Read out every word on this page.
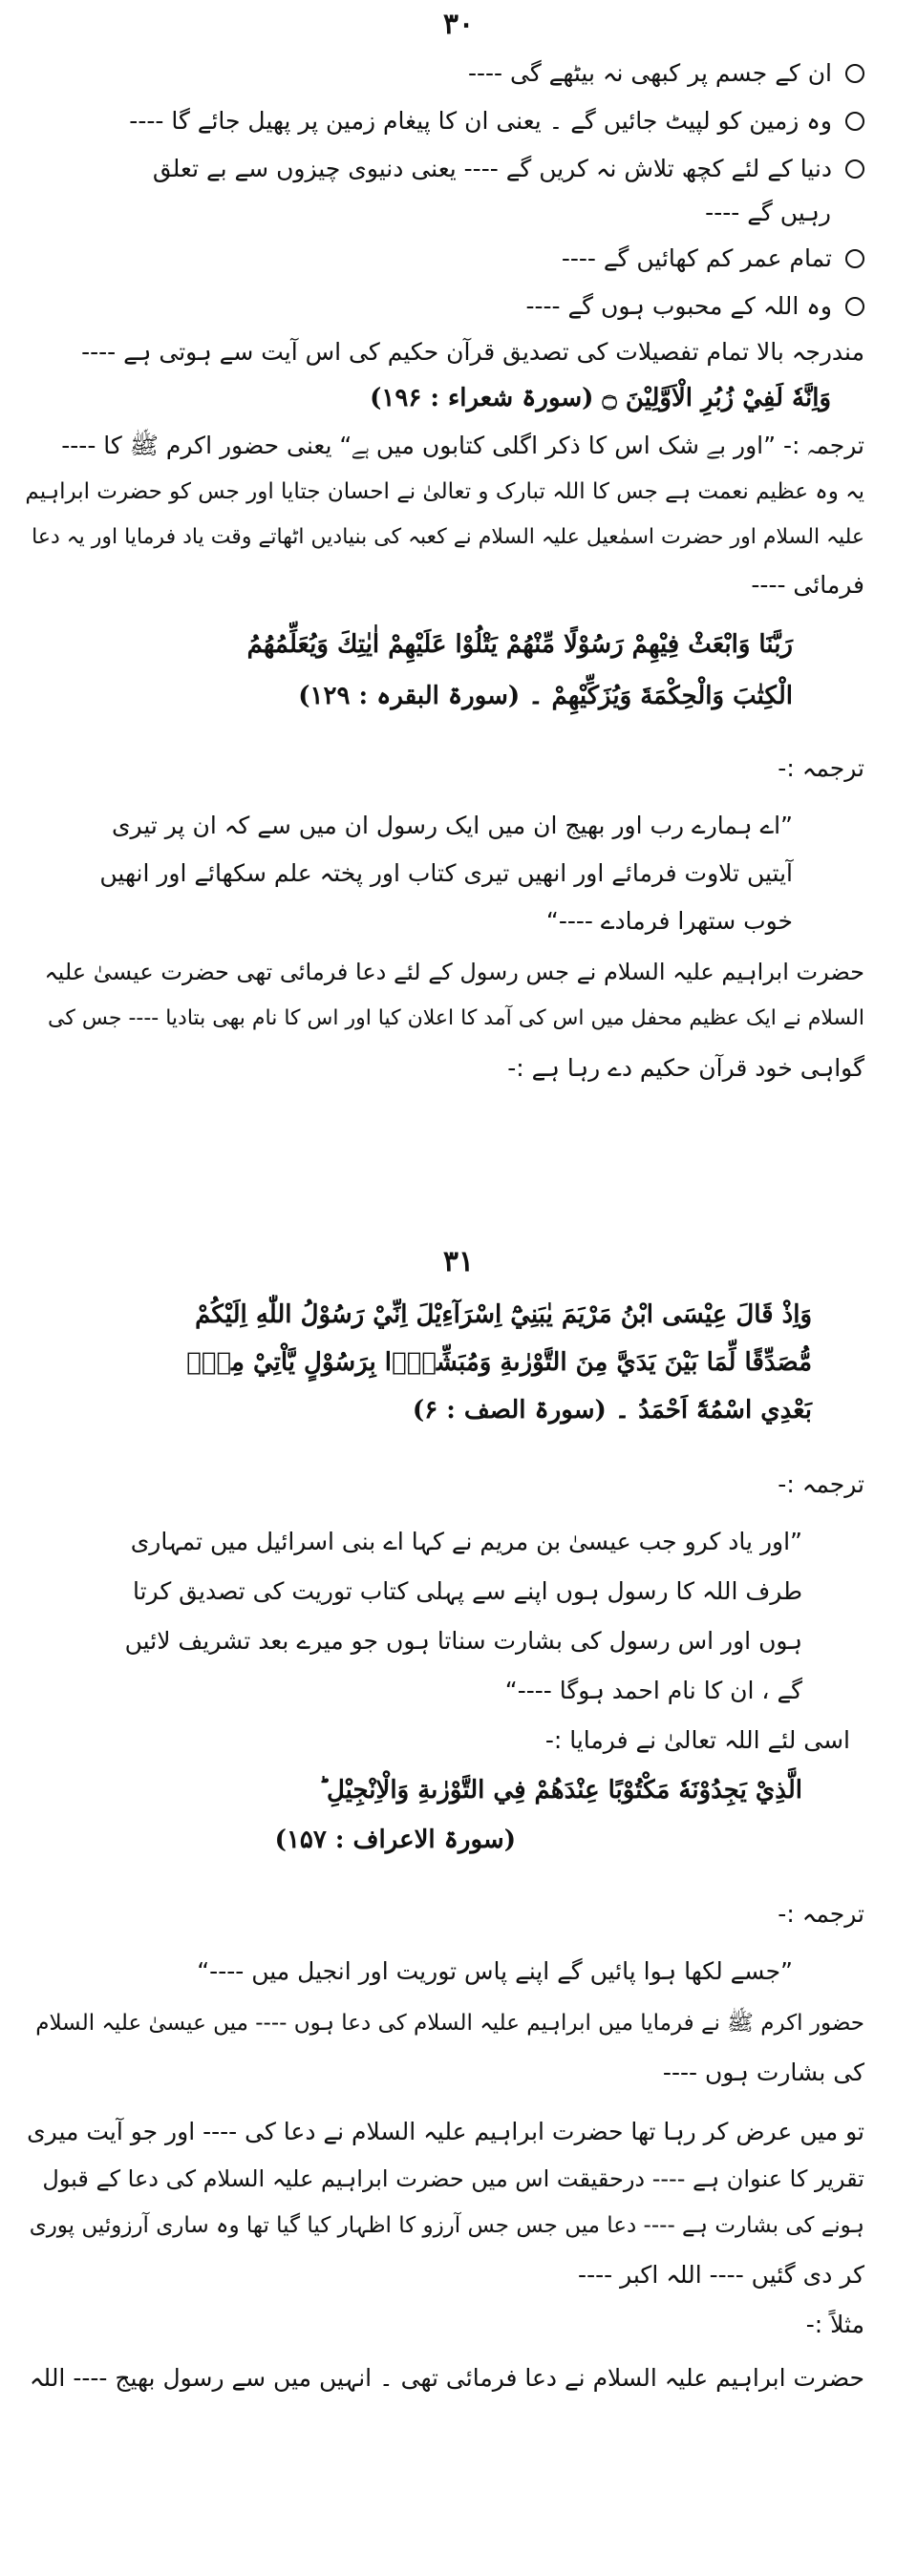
۳۰
ان کے جسم پر کبھی نہ بیٹھے گی ----
وہ زمین کو لپیٹ جائیں گے ۔ یعنی ان کا پیغام زمین پر پھیل جائے گا ----
دنیا کے لئے کچھ تلاش نہ کریں گے ---- یعنی دنیوی چیزوں سے بے تعلق
رہیں گے ----
تمام عمر کم کھائیں گے ----
وہ اللہ کے محبوب ہوں گے ----
مندرجہ بالا تمام تفصیلات کی تصدیق قرآن حکیم کی اس آیت سے ہوتی ہے ----
وَاِنَّهٗ لَفِيْ زُبُرِ الْاَوَّلِيْنَ ۝ (سورۃ شعراء : ۱۹۶)
ترجمہ :- ”اور بے شک اس کا ذکر اگلی کتابوں میں ہے“ یعنی حضور اکرم ﷺ کا ----
یہ وہ عظیم نعمت ہے جس کا اللہ تبارک و تعالیٰ نے احسان جتایا اور جس کو حضرت ابراہیم
علیہ السلام اور حضرت اسمٰعیل علیہ السلام نے کعبہ کی بنیادیں اٹھاتے وقت یاد فرمایا اور یہ دعا
فرمائی ----
رَبَّنَا وَابْعَثْ فِيْهِمْ رَسُوْلًا مِّنْهُمْ يَتْلُوْا عَلَيْهِمْ اٰيٰتِكَ وَيُعَلِّمُهُمُ
الْكِتٰبَ وَالْحِكْمَةَ وَيُزَكِّيْهِمْ ۔ (سورۃ البقرہ : ۱۲۹)
ترجمہ :-
”اے ہمارے رب اور بھیج ان میں ایک رسول ان میں سے کہ ان پر تیری
آیتیں تلاوت فرمائے اور انھیں تیری کتاب اور پختہ علم سکھائے اور انھیں
خوب ستھرا فرمادے ----“
حضرت ابراہیم علیہ السلام نے جس رسول کے لئے دعا فرمائی تھی حضرت عیسیٰ علیہ
السلام نے ایک عظیم محفل میں اس کی آمد کا اعلان کیا اور اس کا نام بھی بتادیا ---- جس کی
گواہی خود قرآن حکیم دے رہا ہے :-
۳۱
وَاِذْ قَالَ عِيْسَى ابْنُ مَرْيَمَ يٰبَنِيْٓ اِسْرَآءِيْلَ اِنِّيْ رَسُوْلُ اللّٰهِ اِلَيْكُمْ
مُّصَدِّقًا لِّمَا بَيْنَ يَدَيَّ مِنَ التَّوْرٰىةِ وَمُبَشِّرًۢا بِرَسُوْلٍ يَّاْتِيْ مِنْۢ
بَعْدِي اسْمُهٗٓ اَحْمَدُ ۔ (سورۃ الصف : ۶)
ترجمہ :-
”اور یاد کرو جب عیسیٰ بن مریم نے کہا اے بنی اسرائیل میں تمہاری
طرف اللہ کا رسول ہوں اپنے سے پہلی کتاب توریت کی تصدیق کرتا
ہوں اور اس رسول کی بشارت سناتا ہوں جو میرے بعد تشریف لائیں
گے ، ان کا نام احمد ہوگا ----“
اسی لئے اللہ تعالیٰ نے فرمایا :-
الَّذِيْ يَجِدُوْنَهٗ مَكْتُوْبًا عِنْدَهُمْ فِي التَّوْرٰىةِ وَالْاِنْجِيْلِ ؕ
(سورۃ الاعراف : ۱۵۷)
ترجمہ :-
”جسے لکھا ہوا پائیں گے اپنے پاس توریت اور انجیل میں ----“
حضور اکرم ﷺ نے فرمایا میں ابراہیم علیہ السلام کی دعا ہوں ---- میں عیسیٰ علیہ السلام
کی بشارت ہوں ----
تو میں عرض کر رہا تھا حضرت ابراہیم علیہ السلام نے دعا کی ---- اور جو آیت میری
تقریر کا عنوان ہے ---- درحقیقت اس میں حضرت ابراہیم علیہ السلام کی دعا کے قبول
ہونے کی بشارت ہے ---- دعا میں جس جس آرزو کا اظہار کیا گیا تھا وہ ساری آرزوئیں پوری
کر دی گئیں ---- اللہ اکبر ----
مثلاً :-
حضرت ابراہیم علیہ السلام نے دعا فرمائی تھی ۔ انہیں میں سے رسول بھیج ---- اللہ
